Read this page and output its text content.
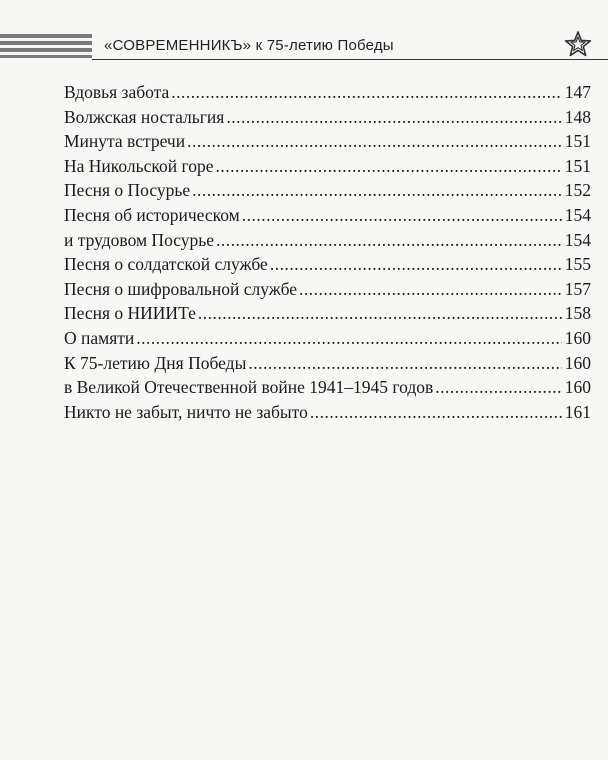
«СОВРЕМЕННИКЪ» к 75-летию Победы
Вдовья забота .....	147
Волжская ностальгия .....	148
Минута встречи .....	151
На Никольской горе .....	151
Песня о Посурье .....	152
Песня об историческом .....	154
и трудовом Посурье .....	154
Песня о солдатской службе .....	155
Песня о шифровальной службе .....	157
Песня о НИИИТе .....	158
О памяти .....	160
К 75-летию Дня Победы .....	160
в Великой Отечественной войне 1941–1945 годов .....	160
Никто не забыт, ничто не забыто .....	161
